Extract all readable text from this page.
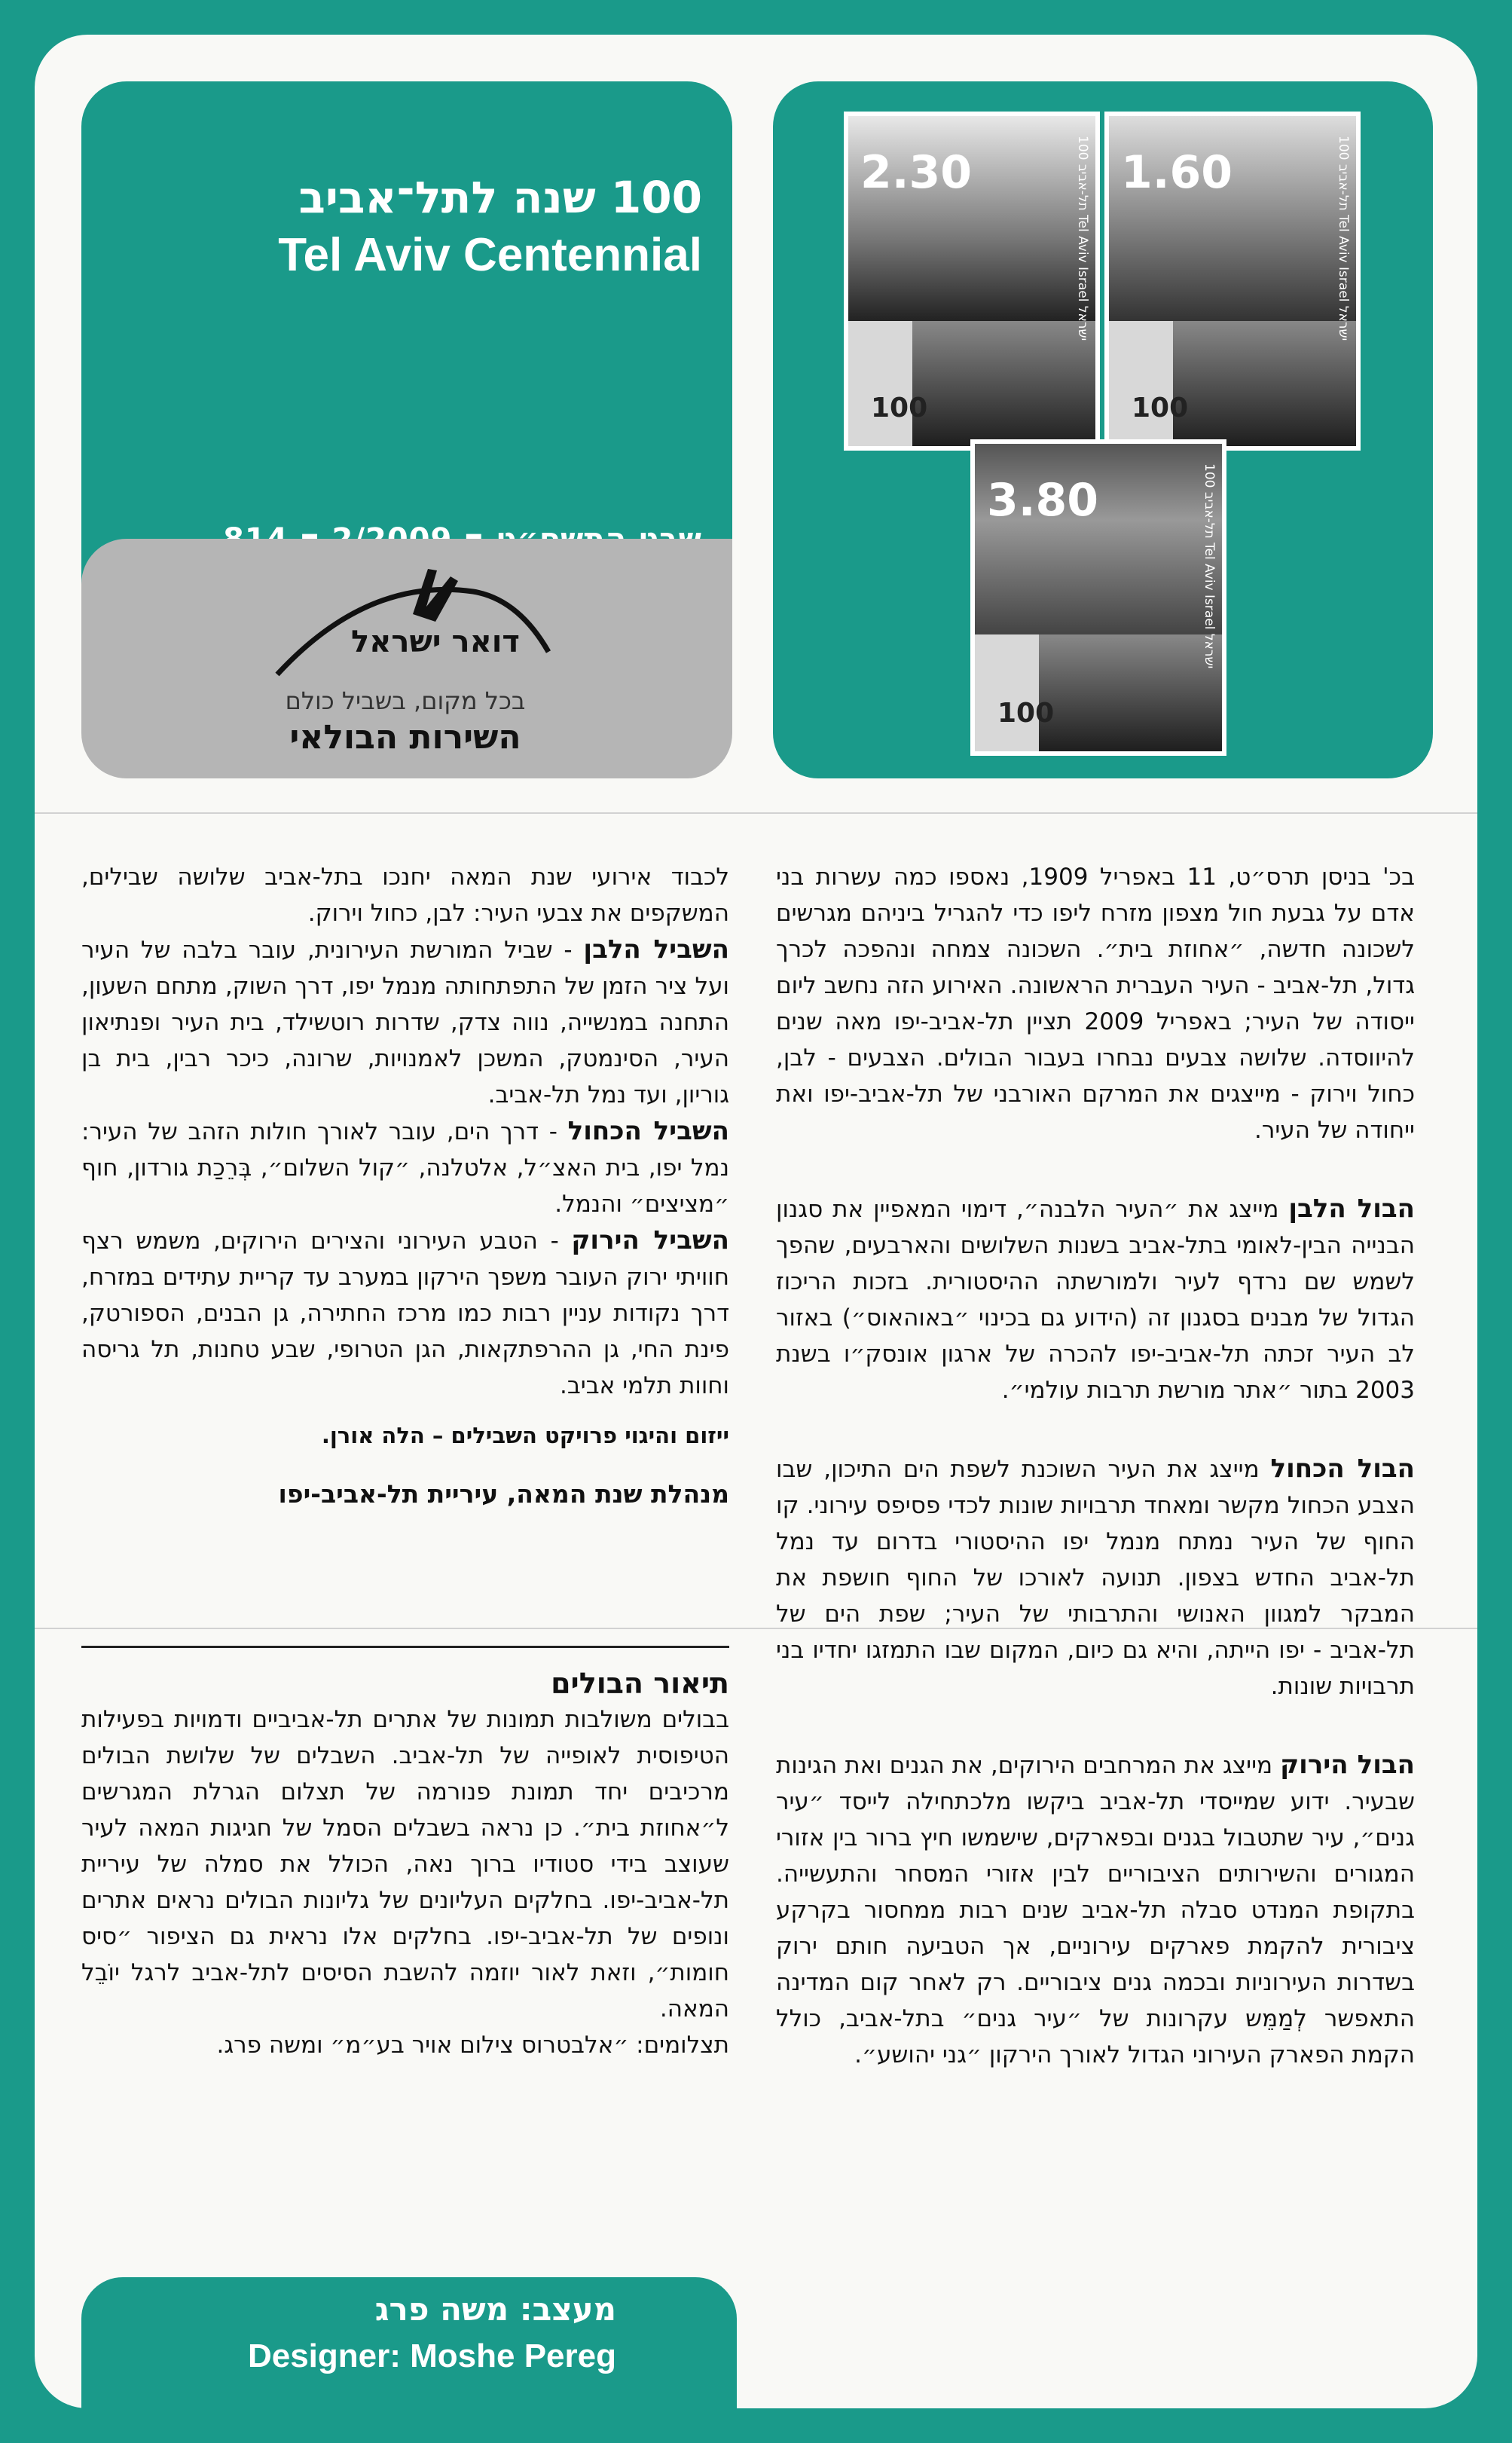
100 שנה לתל־אביב
Tel Aviv Centennial
דואר ישראל
בכל מקום, בשביל כולם
השירות הבולאי
2.30	תל-אביב 100 Tel Aviv Israel ישראל
100
1.60	תל-אביב 100 Tel Aviv Israel ישראל
100
3.80	תל-אביב 100 Tel Aviv Israel ישראל
100

בכ' בניסן תרס״ט, 11 באפריל 1909, נאספו כמה עשרות בני אדם על גבעת חול מצפון מזרח ליפו כדי להגריל ביניהם מגרשים לשכונה חדשה, ״אחוזת בית״. השכונה צמחה ונהפכה לכרך גדול, תל-אביב - העיר העברית הראשונה. האירוע הזה נחשב ליום ייסודה של העיר; באפריל 2009 תציין תל-אביב-יפו מאה שנים להיווסדה. שלושה צבעים נבחרו בעבור הבולים. הצבעים - לבן, כחול וירוק - מייצגים את המרקם האורבני של תל-אביב-יפו ואת ייחודה של העיר.

הבול הלבן מייצג את ״העיר הלבנה״, דימוי המאפיין את סגנון הבנייה הבין-לאומי בתל-אביב בשנות השלושים והארבעים, שהפך לשמש שם נרדף לעיר ולמורשתה ההיסטורית. בזכות הריכוז הגדול של מבנים בסגנון זה (הידוע גם בכינוי ״באוהאוס״) באזור לב העיר זכתה תל-אביב-יפו להכרה של ארגון אונסק״ו בשנת 2003 בתור ״אתר מורשת תרבות עולמי״.

הבול הכחול מייצג את העיר השוכנת לשפת הים התיכון, שבו הצבע הכחול מקשר ומאחד תרבויות שונות לכדי פסיפס עירוני. קו החוף של העיר נמתח מנמל יפו ההיסטורי בדרום עד נמל תל-אביב החדש בצפון. תנועה לאורכו של החוף חושפת את המבקר למגוון האנושי והתרבותי של העיר; שפת הים של תל-אביב - יפו הייתה, והיא גם כיום, המקום שבו התמזגו יחדיו בני תרבויות שונות.

הבול הירוק מייצג את המרחבים הירוקים, את הגנים ואת הגינות שבעיר. ידוע שמייסדי תל-אביב ביקשו מלכתחילה לייסד ״עיר גנים״, עיר שתטבול בגנים ובפארקים, שישמשו חיץ ברור בין אזורי המגורים והשירותים הציבוריים לבין אזורי המסחר והתעשייה. בתקופת המנדט סבלה תל-אביב שנים רבות ממחסור בקרקע ציבורית להקמת פארקים עירוניים, אך הטביעה חותם ירוק בשדרות העירוניות ובכמה גנים ציבוריים. רק לאחר קום המדינה התאפשר לְמַמֵּש עקרונות של ״עיר גנים״ בתל-אביב, כולל הקמת הפארק העירוני הגדול לאורך הירקון ״גני יהושע״.

לכבוד אירועי שנת המאה יחנכו בתל-אביב שלושה שבילים, המשקפים את צבעי העיר: לבן, כחול וירוק.

השביל הלבן - שביל המורשת העירונית, עובר בלבה של העיר ועל ציר הזמן של התפתחותה מנמל יפו, דרך השוק, מתחם השעון, התחנה במנשייה, נווה צדק, שדרות רוטשילד, בית העיר ופנתיאון העיר, הסינמטק, המשכן לאמנויות, שרונה, כיכר רבין, בית בן גוריון, ועד נמל תל-אביב.

השביל הכחול - דרך הים, עובר לאורך חולות הזהב של העיר: נמל יפו, בית האצ״ל, אלטלנה, ״קול השלום״, בְּרֵכַת גורדון, חוף ״מציצים״ והנמל.

השביל הירוק - הטבע העירוני והצירים הירוקים, משמש רצף חוויתי ירוק העובר משפך הירקון במערב עד קריית עתידים במזרח, דרך נקודות עניין רבות כמו מרכז החתירה, גן הבנים, הספורטק, פינת החי, גן ההרפתקאות, הגן הטרופי, שבע טחנות, תל גריסה וחוות תלמי אביב.

ייזום והיגוי פרויקט השבילים – הלה אורן.

מנהלת שנת המאה, עיריית תל-אביב-יפו

תיאור הבולים

בבולים משולבות תמונות של אתרים תל-אביביים ודמויות בפעילות הטיפוסית לאופייה של תל-אביב. השבלים של שלושת הבולים מרכיבים יחד תמונת פנורמה של תצלום הגרלת המגרשים ל״אחוזת בית״. כן נראה בשבלים הסמל של חגיגות המאה לעיר שעוצב בידי סטודיו ברוך נאה, הכולל את סמלה של עיריית תל-אביב-יפו. בחלקים העליונים של גליונות הבולים נראים אתרים ונופים של תל-אביב-יפו. בחלקים אלו נראית גם הציפור ״סיס חומות״, וזאת לאור יוזמה להשבת הסיסים לתל-אביב לרגל יוֹבֵל המאה.

תצלומים: ״אלבטרוס צילום אויר בע״מ״ ומשה פרג.

מעצב: משה פרג
Designer: Moshe Pereg
